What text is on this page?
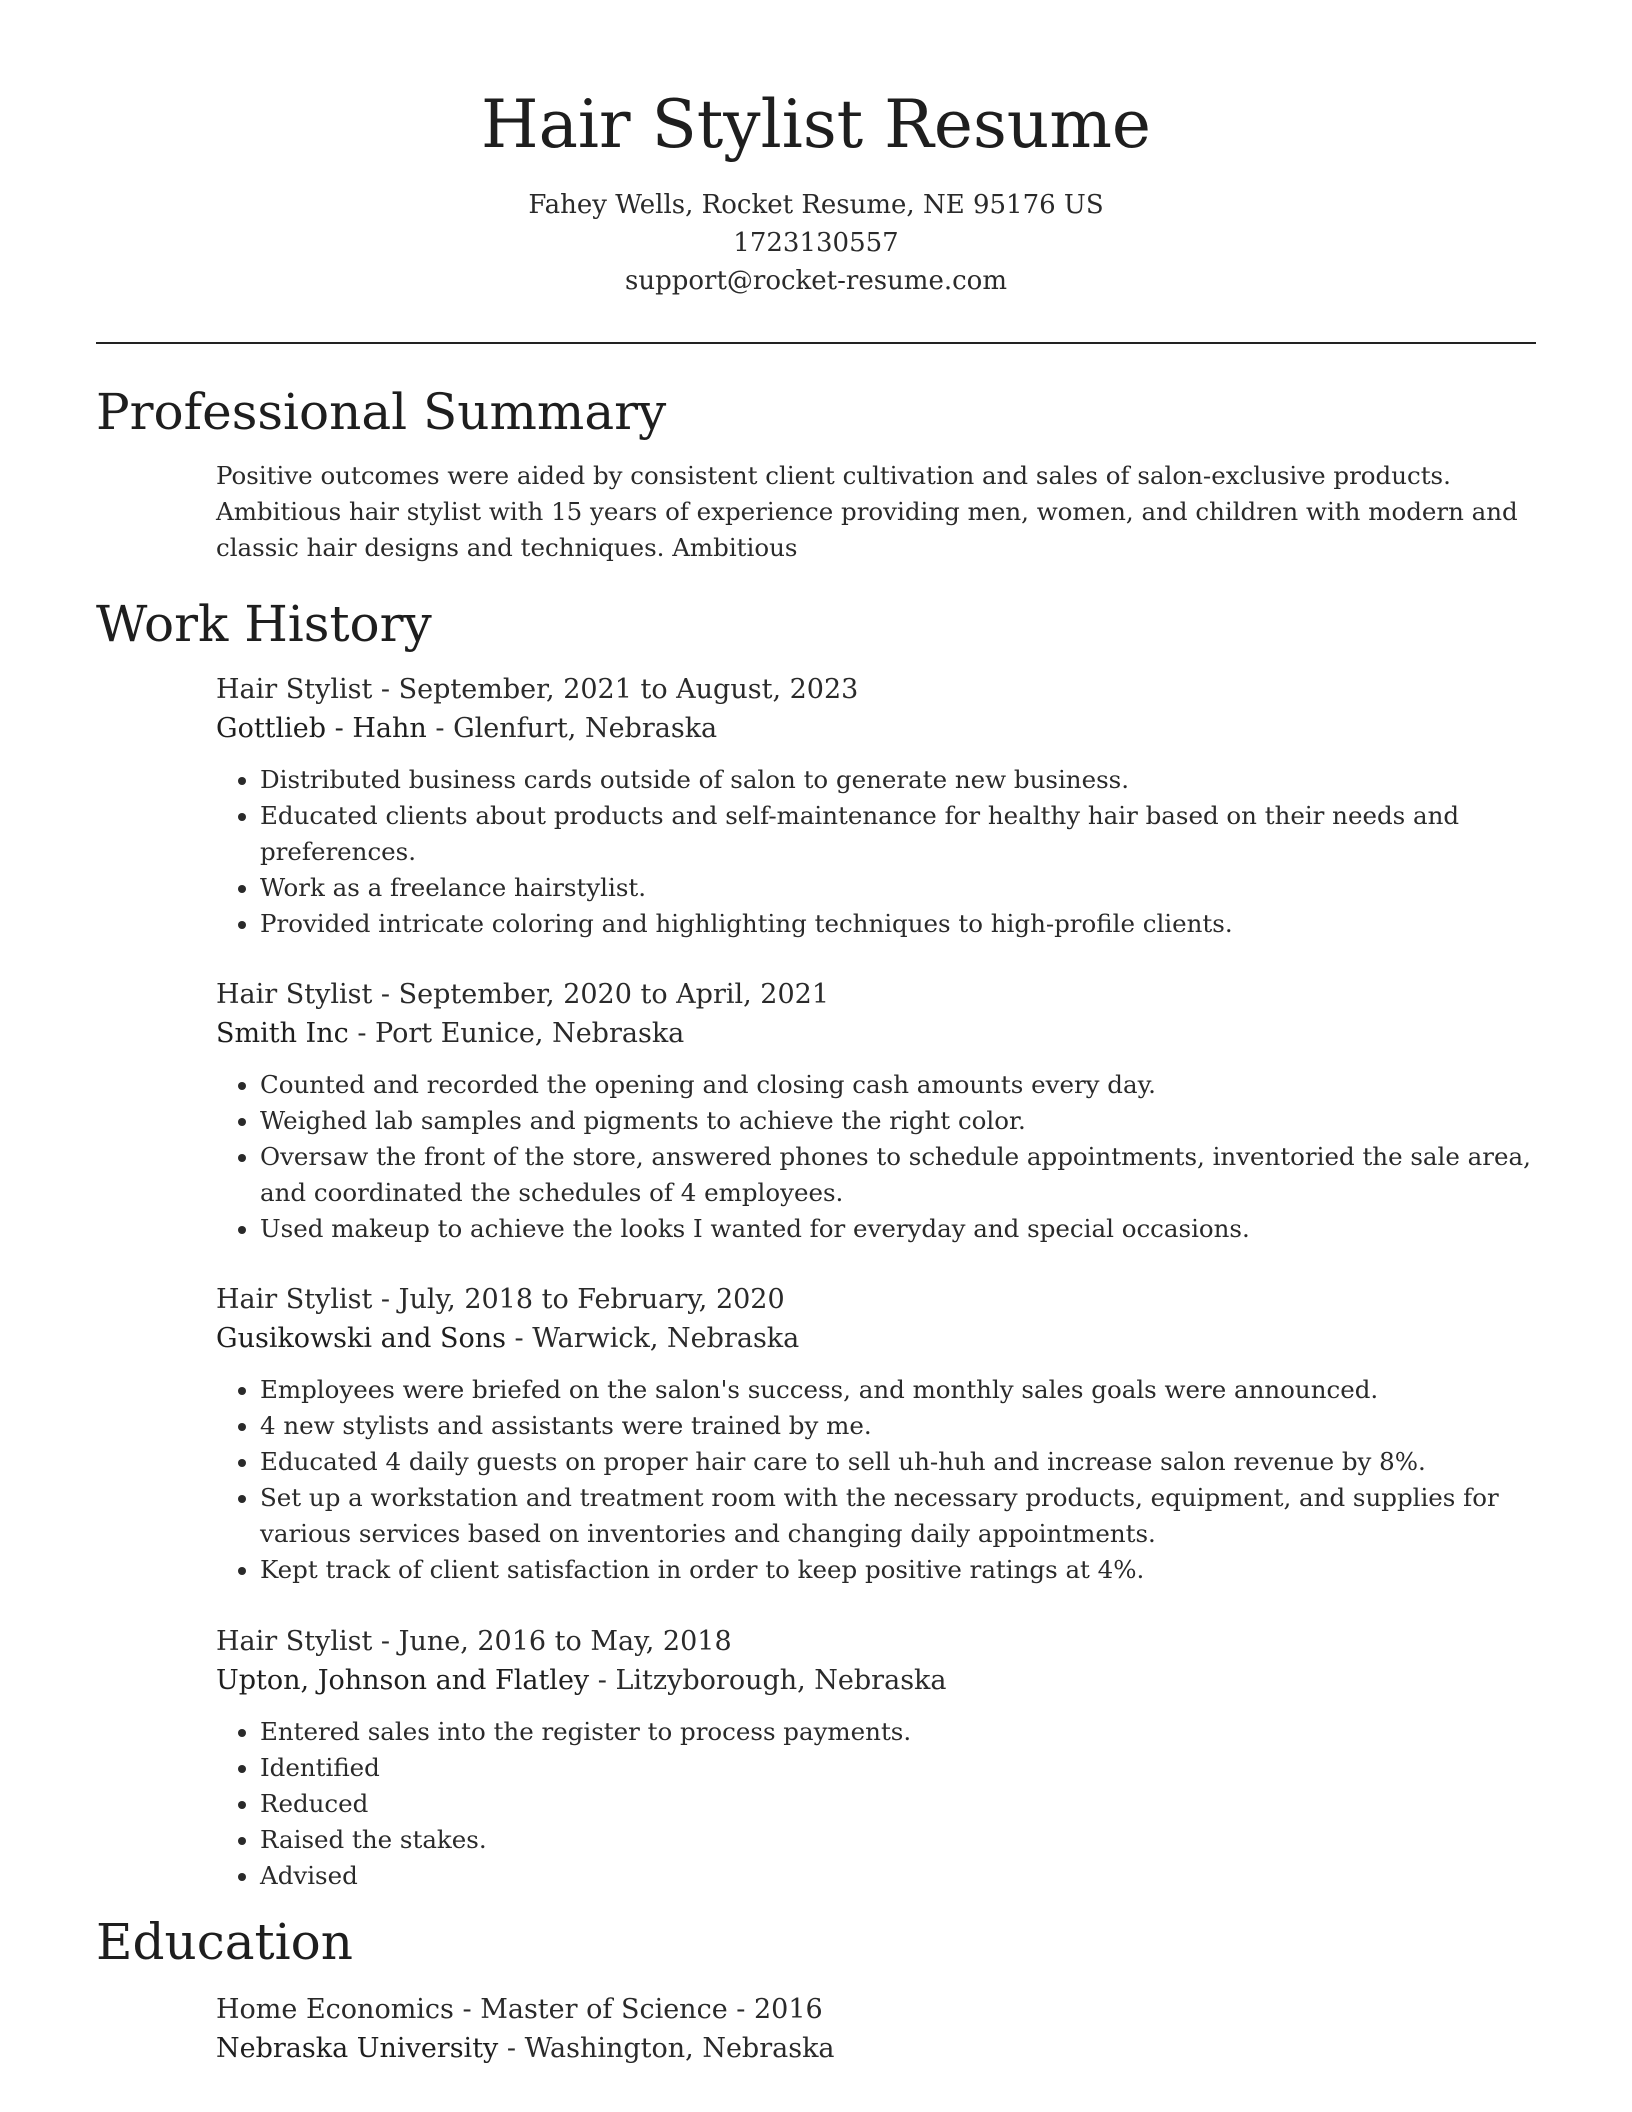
Hair Stylist Resume
Fahey Wells, Rocket Resume, NE 95176 US
1723130557
support@rocket-resume.com
Professional Summary
Positive outcomes were aided by consistent client cultivation and sales of salon-exclusive products. Ambitious hair stylist with 15 years of experience providing men, women, and children with modern and classic hair designs and techniques. Ambitious
Work History
Hair Stylist - September, 2021 to August, 2023
Gottlieb - Hahn - Glenfurt, Nebraska
• Distributed business cards outside of salon to generate new business.
• Educated clients about products and self-maintenance for healthy hair based on their needs and preferences.
• Work as a freelance hairstylist.
• Provided intricate coloring and highlighting techniques to high-profile clients.
Hair Stylist - September, 2020 to April, 2021
Smith Inc - Port Eunice, Nebraska
• Counted and recorded the opening and closing cash amounts every day.
• Weighed lab samples and pigments to achieve the right color.
• Oversaw the front of the store, answered phones to schedule appointments, inventoried the sale area, and coordinated the schedules of 4 employees.
• Used makeup to achieve the looks I wanted for everyday and special occasions.
Hair Stylist - July, 2018 to February, 2020
Gusikowski and Sons - Warwick, Nebraska
• Employees were briefed on the salon's success, and monthly sales goals were announced.
• 4 new stylists and assistants were trained by me.
• Educated 4 daily guests on proper hair care to sell uh-huh and increase salon revenue by 8%.
• Set up a workstation and treatment room with the necessary products, equipment, and supplies for various services based on inventories and changing daily appointments.
• Kept track of client satisfaction in order to keep positive ratings at 4%.
Hair Stylist - June, 2016 to May, 2018
Upton, Johnson and Flatley - Litzyborough, Nebraska
• Entered sales into the register to process payments.
• Identified
• Reduced
• Raised the stakes.
• Advised
Education
Home Economics - Master of Science - 2016
Nebraska University - Washington, Nebraska
